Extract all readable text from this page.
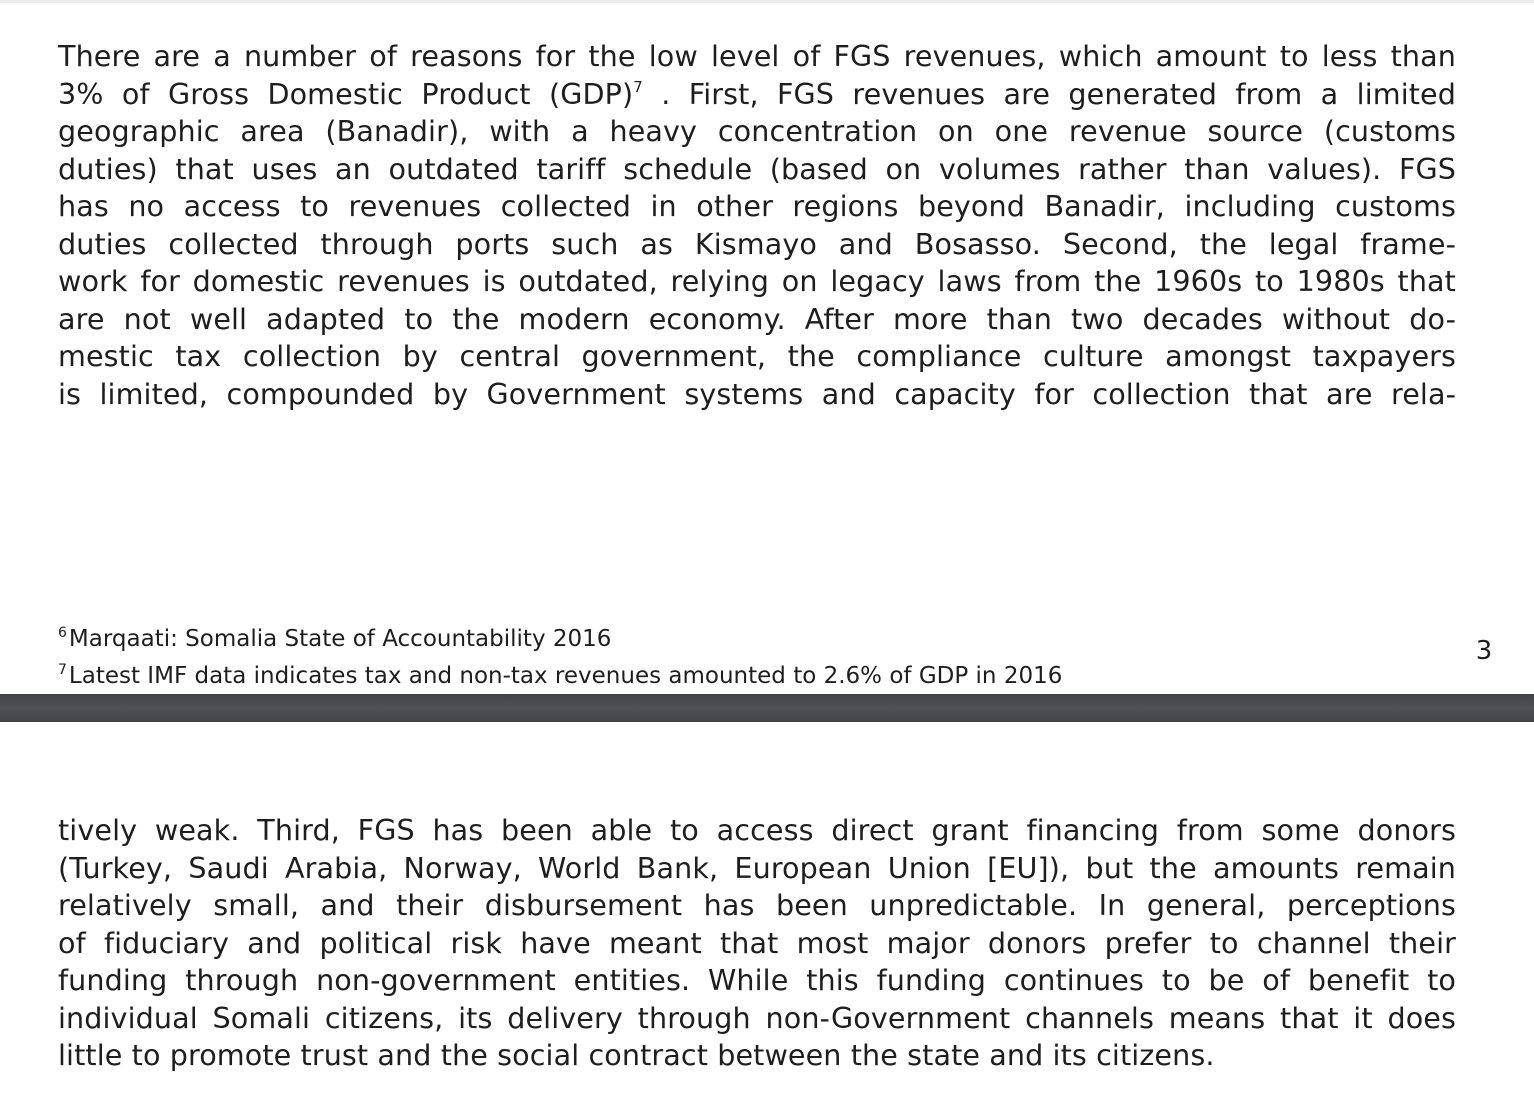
There are a number of reasons for the low level of FGS revenues, which amount to less than
3% of Gross Domestic Product (GDP)$^7$ . First, FGS revenues are generated from a limited
geographic area (Banadir), with a heavy concentration on one revenue source (customs
duties) that uses an outdated tariff schedule (based on volumes rather than values). FGS
has no access to revenues collected in other regions beyond Banadir, including customs
duties collected through ports such as Kismayo and Bosasso. Second, the legal frame-
work for domestic revenues is outdated, relying on legacy laws from the 1960s to 1980s that
are not well adapted to the modern economy. After more than two decades without do-
mestic tax collection by central government, the compliance culture amongst taxpayers
is limited, compounded by Government systems and capacity for collection that are rela-
$^6$Marqaati: Somalia State of Accountability 2016
$^7$Latest IMF data indicates tax and non-tax revenues amounted to 2.6% of GDP in 2016
3
tively weak. Third, FGS has been able to access direct grant financing from some donors
(Turkey, Saudi Arabia, Norway, World Bank, European Union [EU]), but the amounts remain
relatively small, and their disbursement has been unpredictable. In general, perceptions
of fiduciary and political risk have meant that most major donors prefer to channel their
funding through non-government entities. While this funding continues to be of benefit to
individual Somali citizens, its delivery through non-Government channels means that it does
little to promote trust and the social contract between the state and its citizens.
